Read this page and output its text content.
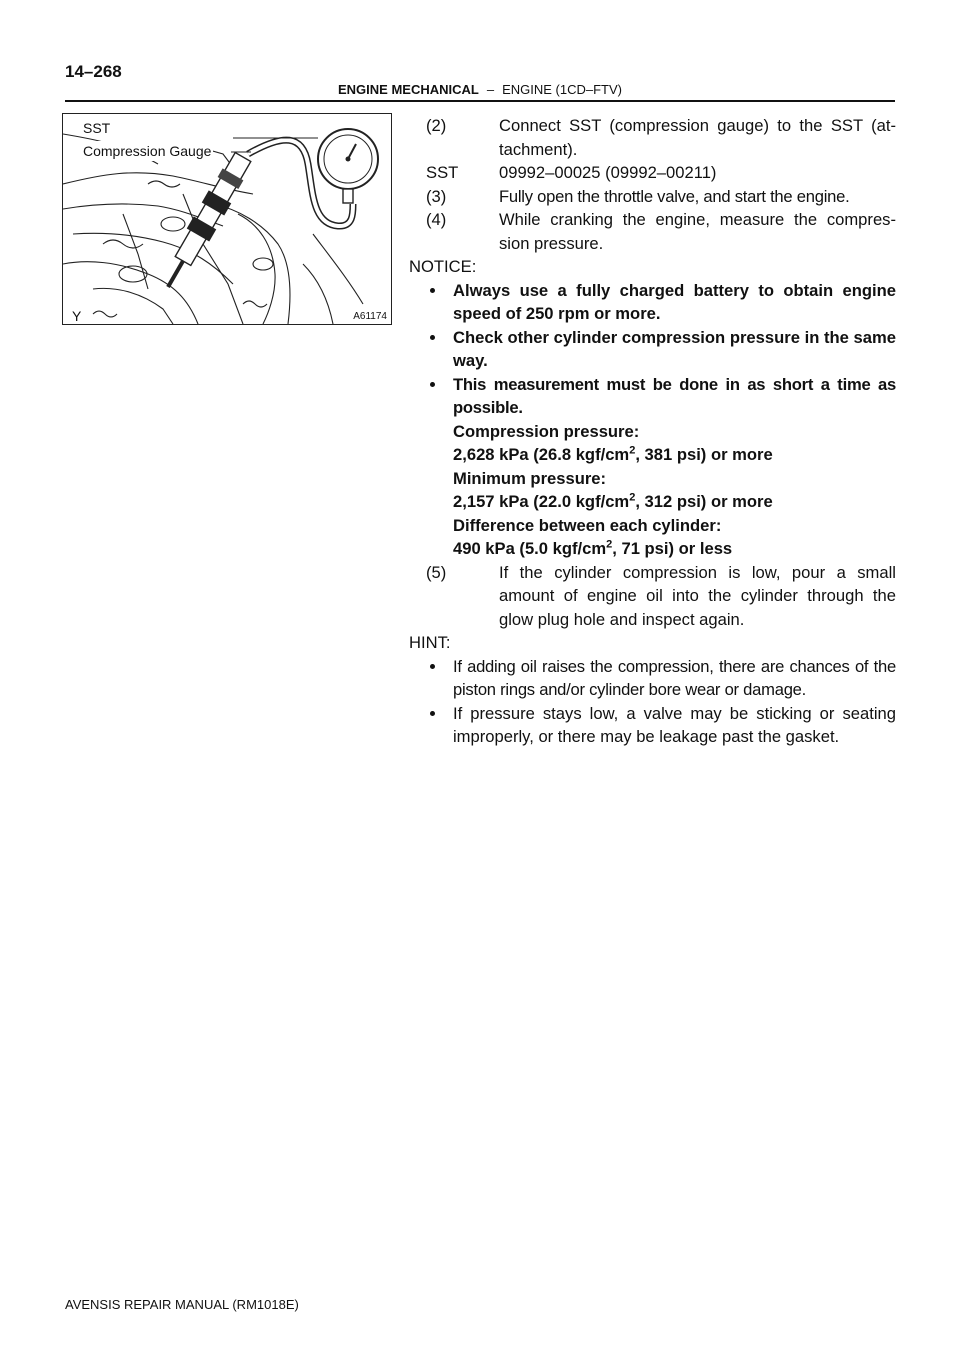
14–268
ENGINE MECHANICAL – ENGINE (1CD–FTV)
SST
Compression Gauge
Y	A61174
(2)	Connect SST (compression gauge) to the SST (at- tachment).
SST 09992–00025 (09992–00211)
(3)	Fully open the throttle valve, and start the engine.
(4)	While cranking the engine, measure the compres- sion pressure.
NOTICE:
Always use a fully charged battery to obtain engine speed of 250 rpm or more.
Check other cylinder compression pressure in the same way.
This measurement must be done in as short a time as possible.
Compression pressure:
2,628 kPa (26.8 kgf/$cm^2$, 381 psi) or more
Minimum pressure:
2,157 kPa (22.0 kgf/$cm^2$, 312 psi) or more
Difference between each cylinder:
490 kPa (5.0 kgf/$cm^2$, 71 psi) or less
(5)	If the cylinder compression is low, pour a small amount of engine oil into the cylinder through the glow plug hole and inspect again.
HINT:
If adding oil raises the compression, there are chances of the piston rings and/or cylinder bore wear or damage.
If pressure stays low, a valve may be sticking or seating improperly, or there may be leakage past the gasket.
AVENSIS REPAIR MANUAL (RM1018E)
